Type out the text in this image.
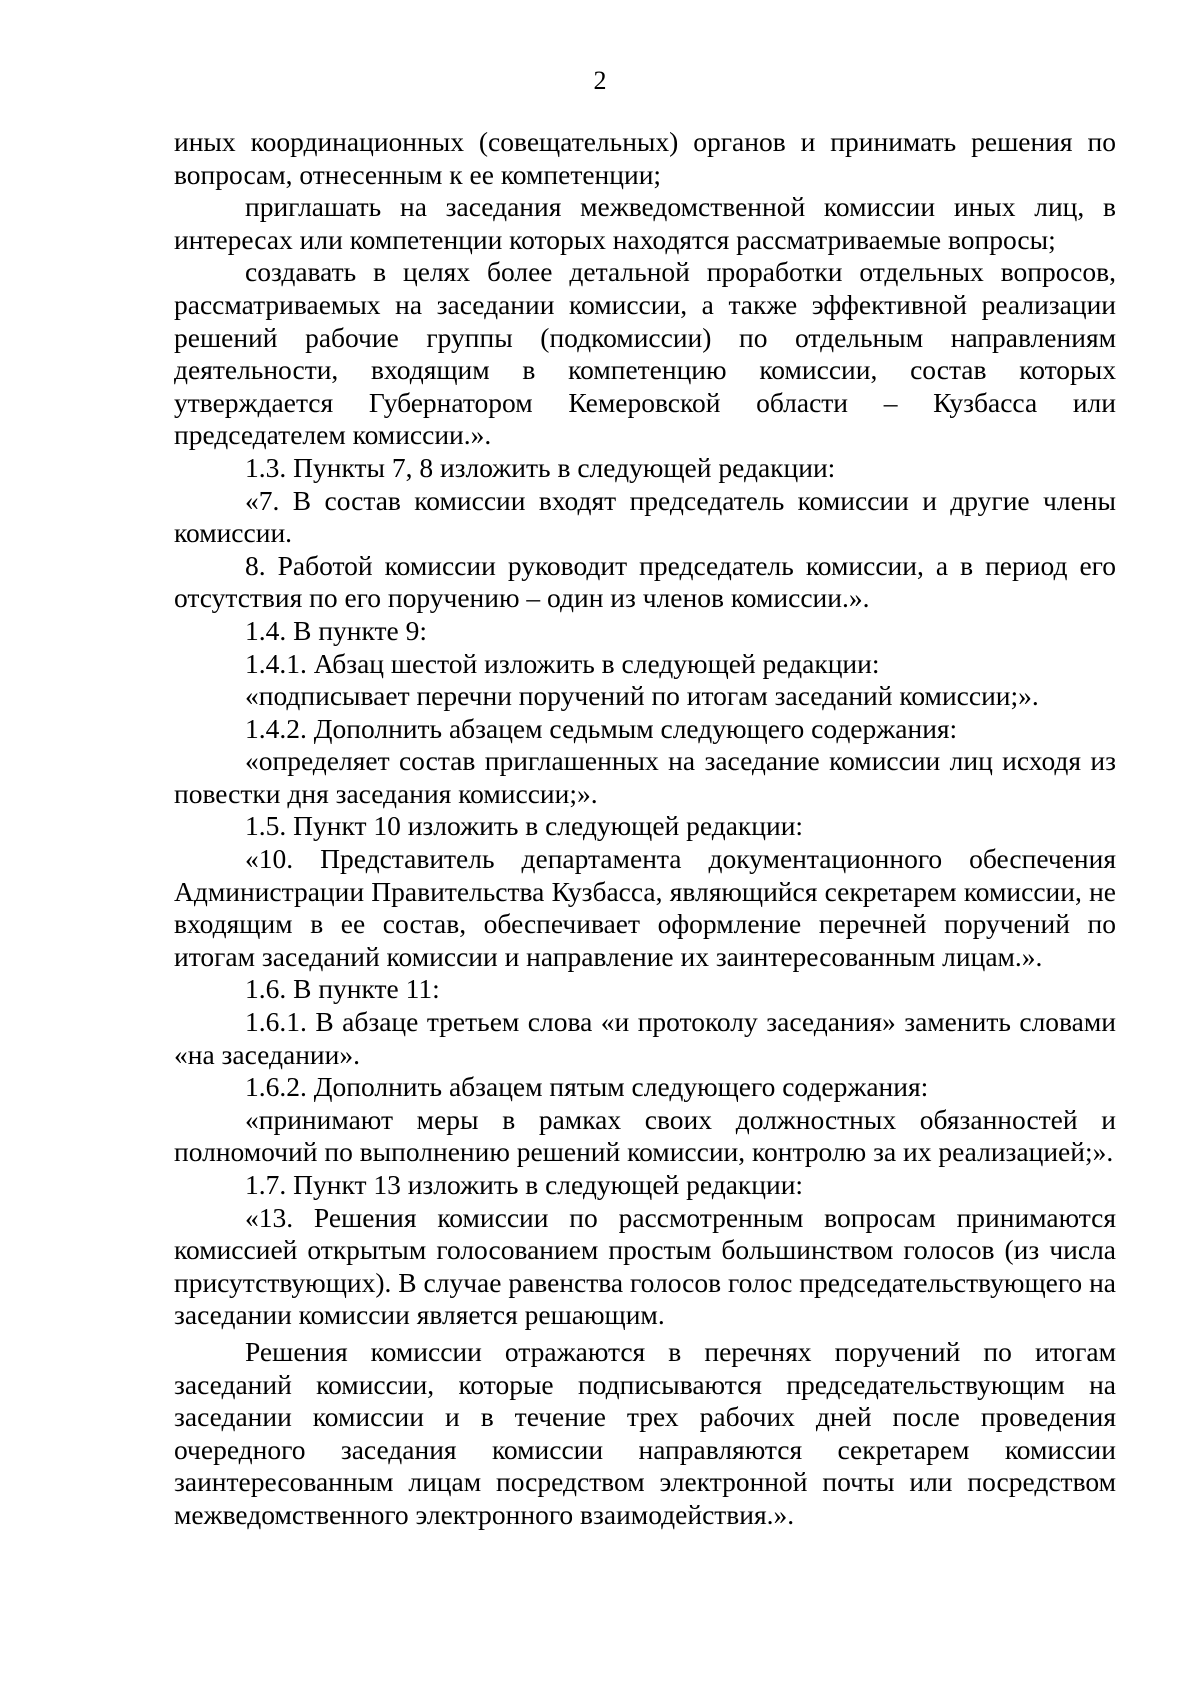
2

иных координационных (совещательных) органов и принимать решения по вопросам, отнесенным к ее компетенции;

приглашать на заседания межведомственной комиссии иных лиц, в интересах или компетенции которых находятся рассматриваемые вопросы;

создавать в целях более детальной проработки отдельных вопросов, рассматриваемых на заседании комиссии, а также эффективной реализации решений рабочие группы (подкомиссии) по отдельным направлениям деятельности, входящим в компетенцию комиссии, состав которых утверждается Губернатором Кемеровской области – Кузбасса или председателем комиссии.».

1.3. Пункты 7, 8 изложить в следующей редакции:

«7. В состав комиссии входят председатель комиссии и другие члены комиссии.

8. Работой комиссии руководит председатель комиссии, а в период его отсутствия по его поручению – один из членов комиссии.».

1.4. В пункте 9:

1.4.1. Абзац шестой изложить в следующей редакции:

«подписывает перечни поручений по итогам заседаний комиссии;».

1.4.2. Дополнить абзацем седьмым следующего содержания:

«определяет состав приглашенных на заседание комиссии лиц исходя из повестки дня заседания комиссии;».

1.5. Пункт 10 изложить в следующей редакции:

«10. Представитель департамента документационного обеспечения Администрации Правительства Кузбасса, являющийся секретарем комиссии, не входящим в ее состав, обеспечивает оформление перечней поручений по итогам заседаний комиссии и направление их заинтересованным лицам.».

1.6. В пункте 11:

1.6.1. В абзаце третьем слова «и протоколу заседания» заменить словами «на заседании».

1.6.2. Дополнить абзацем пятым следующего содержания:

«принимают меры в рамках своих должностных обязанностей и полномочий по выполнению решений комиссии, контролю за их реализацией;».

1.7. Пункт 13 изложить в следующей редакции:

«13. Решения комиссии по рассмотренным вопросам принимаются комиссией открытым голосованием простым большинством голосов (из числа присутствующих). В случае равенства голосов голос председательствующего на заседании комиссии является решающим.

Решения комиссии отражаются в перечнях поручений по итогам заседаний комиссии, которые подписываются председательствующим на заседании комиссии и в течение трех рабочих дней после проведения очередного заседания комиссии направляются секретарем комиссии заинтересованным лицам посредством электронной почты или посредством межведомственного электронного взаимодействия.».
